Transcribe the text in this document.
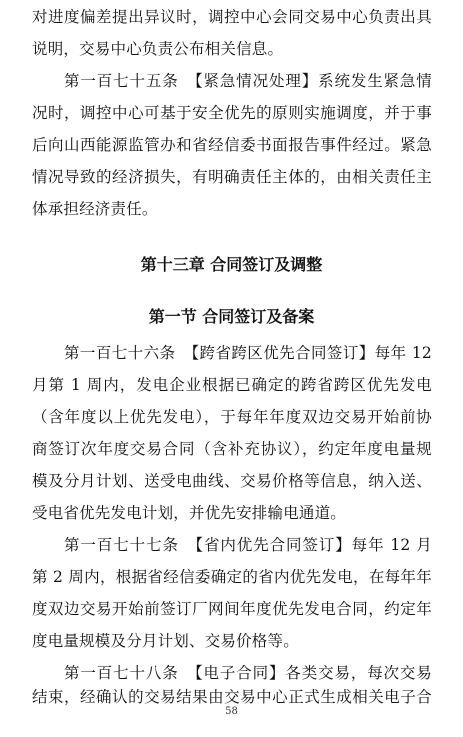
对进度偏差提出异议时，调控中心会同交易中心负责出具
说明，交易中心负责公布相关信息。
第一百七十五条　【紧急情况处理】系统发生紧急情
况时，调控中心可基于安全优先的原则实施调度，并于事
后向山西能源监管办和省经信委书面报告事件经过。紧急
情况导致的经济损失，有明确责任主体的，由相关责任主
体承担经济责任。
第十三章 合同签订及调整
第一节 合同签订及备案
第一百七十六条　【跨省跨区优先合同签订】每年 12
月第 1 周内，发电企业根据已确定的跨省跨区优先发电
（含年度以上优先发电），于每年年度双边交易开始前协
商签订次年度交易合同（含补充协议），约定年度电量规
模及分月计划、送受电曲线、交易价格等信息，纳入送、
受电省优先发电计划，并优先安排输电通道。
第一百七十七条　【省内优先合同签订】每年 12 月
第 2 周内，根据省经信委确定的省内优先发电，在每年年
度双边交易开始前签订厂网间年度优先发电合同，约定年
度电量规模及分月计划、交易价格等。
第一百七十八条　【电子合同】各类交易，每次交易
结束，经确认的交易结果由交易中心正式生成相关电子合
58
